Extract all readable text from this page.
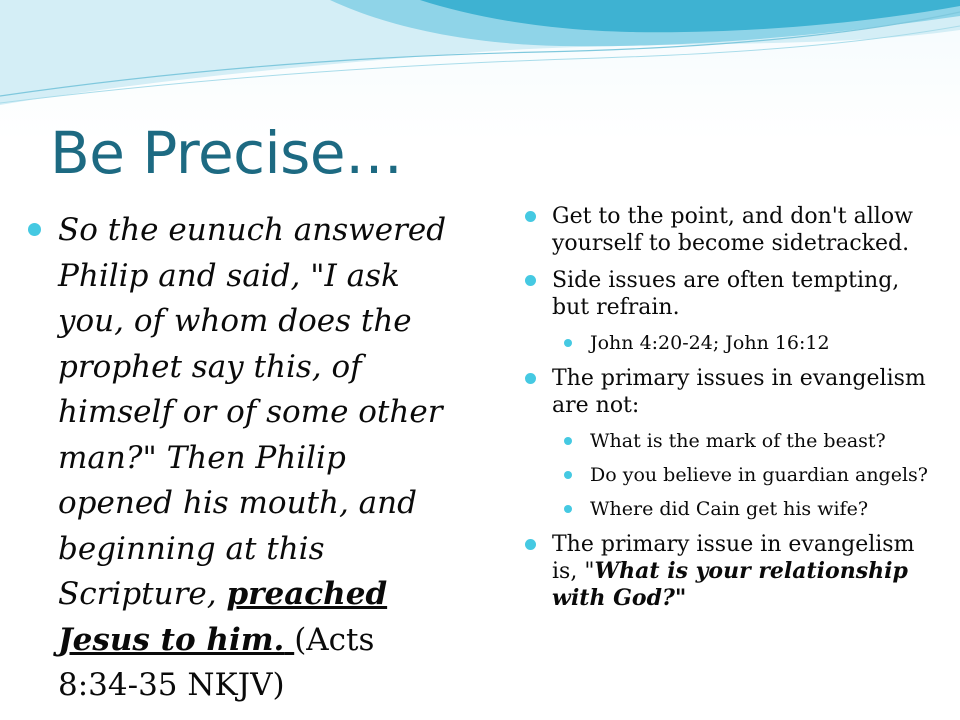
Be Precise…
So the eunuch answered Philip and said, "I ask you, of whom does the prophet say this, of himself or of some other man?" Then Philip opened his mouth, and beginning at this Scripture, preached Jesus to him. (Acts 8:34-35 NKJV)
Get to the point, and don't allow yourself to become sidetracked.
Side issues are often tempting, but refrain.
John 4:20-24; John 16:12
The primary issues in evangelism are not:
What is the mark of the beast?
Do you believe in guardian angels?
Where did Cain get his wife?
The primary issue in evangelism is, "What is your relationship with God?"
